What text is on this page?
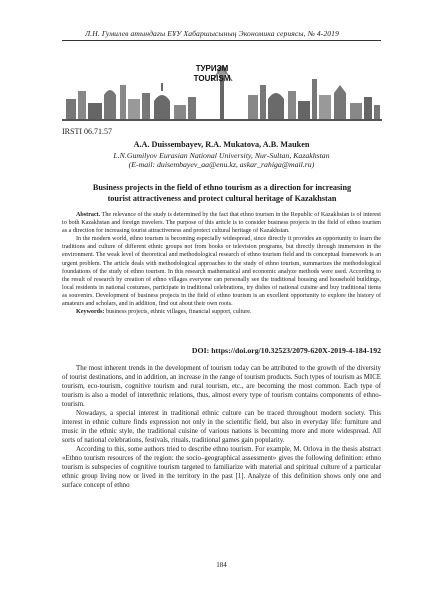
Л.Н. Гумилев атындағы ЕҰУ Хабаршысының Экономика сериясы, № 4-2019
ТУРИЗМ
TOURISM
IRSTI 06.71.57
A.A. Duissembayev, R.A. Mukatova, A.B. Mauken
L.N.Gumilyov Eurasian National University, Nur-Sultan, Kazakhstan
(E-mail: duisembayev_aa@enu.kz, askar_rahiga@mail.ru)
Business projects in the field of ethno tourism as a direction for increasing tourist attractiveness and protect cultural heritage of Kazakhstan

Abstract. The relevance of the study is determined by the fact that ethno tourism in the Republic of Kazakhstan is of interest to both Kazakhstan and foreign travelers. The purpose of this article is to consider business projects in the field of ethno tourism as a direction for increasing tourist attractiveness and protect cultural heritage of Kazakhstan.

In the modern world, ethno tourism is becoming especially widespread, since directly it provides an opportunity to learn the traditions and culture of different ethnic groups not from books or television programs, but directly through immersion in the environment. The weak level of theoretical and methodological research of ethno tourism field and its conceptual framework is an urgent problem. The article deals with methodological approaches to the study of ethno tourism, summarizes the methodological foundations of the study of ethno tourism. In this research mathematical and economic analyze methods were used. According to the result of research by creation of ethno villages everyone can personally see the traditional housing and household buildings, local residents in national costumes, participate in traditional celebrations, try dishes of national cuisine and buy traditional items as souvenirs. Development of business projects in the field of ethno tourism is an excellent opportunity to explore the history of amateurs and scholars, and in addition, find out about their own roots.

Keywords: business projects, ethnic villages, financial support, culture.

DOI: https://doi.org/10.32523/2079-620X-2019-4-184-192

The most inherent trends in the development of tourism today can be attributed to the growth of the diversity of tourist destinations, and in addition, an increase in the range of tourism products. Such types of tourism as MICE tourism, eco-tourism, cognitive tourism and rural tourism, etc., are becoming the most common. Each type of tourism is also a model of interethnic relations, thus, almost every type of tourism contains components of ethno-tourism.

Nowadays, a special interest in traditional ethnic culture can be traced throughout modern society. This interest in ethnic culture finds expression not only in the scientific field, but also in everyday life: furniture and music in the ethnic style, the traditional cuisine of various nations is becoming more and more widespread. All sorts of national celebrations, festivals, rituals, traditional games gain popularity.

According to this, some authors tried to describe ethno tourism. For example, M. Orlova in the thesis abstract «Ethno tourism resources of the region: the socio–geographical assessment» gives the following definition: ethno tourism is subspecies of cognitive tourism targeted to familiarize with material and spiritual culture of a particular ethnic group living now or lived in the territory in the past [1]. Analyze of this definition shows only one and surface concept of ethno

184
